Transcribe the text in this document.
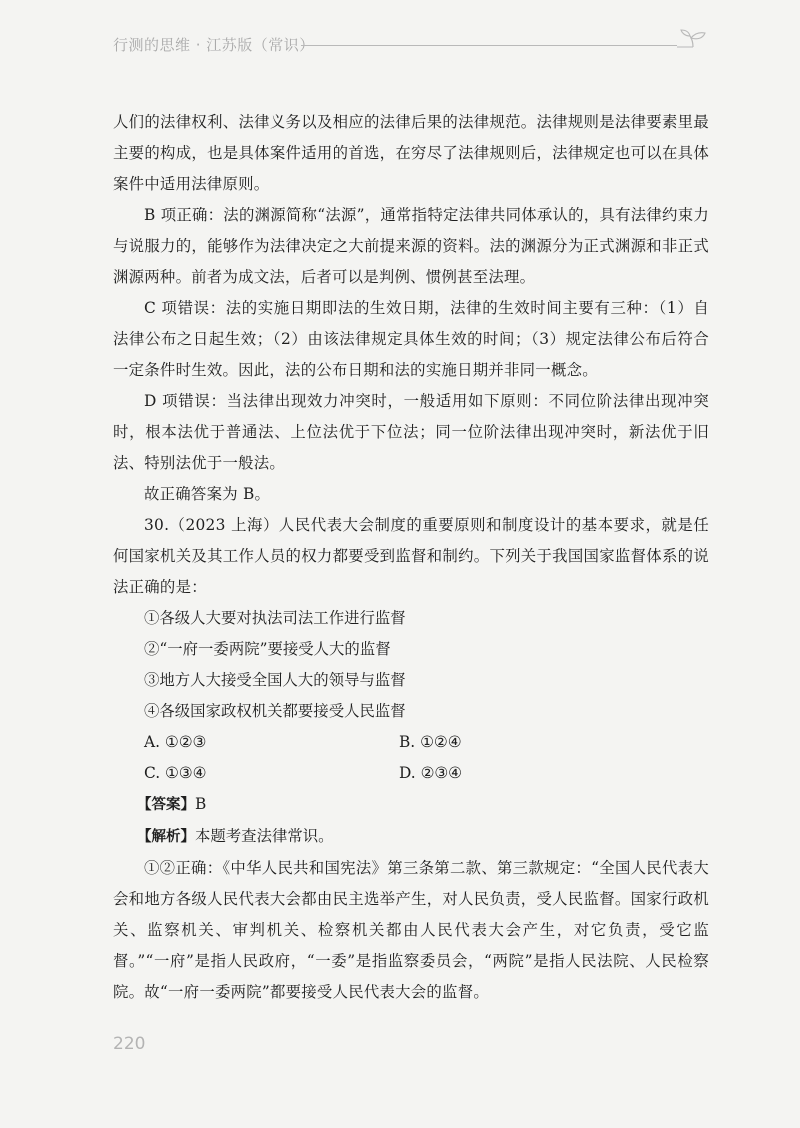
行测的思维 · 江苏版（常识）

人们的法律权利、法律义务以及相应的法律后果的法律规范。法律规则是法律要素里最主要的构成，也是具体案件适用的首选，在穷尽了法律规则后，法律规定也可以在具体案件中适用法律原则。

B 项正确：法的渊源简称“法源”，通常指特定法律共同体承认的，具有法律约束力与说服力的，能够作为法律决定之大前提来源的资料。法的渊源分为正式渊源和非正式渊源两种。前者为成文法，后者可以是判例、惯例甚至法理。

C 项错误：法的实施日期即法的生效日期，法律的生效时间主要有三种：（1）自法律公布之日起生效；（2）由该法律规定具体生效的时间；（3）规定法律公布后符合一定条件时生效。因此，法的公布日期和法的实施日期并非同一概念。

D 项错误：当法律出现效力冲突时，一般适用如下原则：不同位阶法律出现冲突时，根本法优于普通法、上位法优于下位法；同一位阶法律出现冲突时，新法优于旧法、特别法优于一般法。

故正确答案为 B。

30.（2023 上海）人民代表大会制度的重要原则和制度设计的基本要求，就是任何国家机关及其工作人员的权力都要受到监督和制约。下列关于我国国家监督体系的说法正确的是：

①各级人大要对执法司法工作进行监督

②“一府一委两院”要接受人大的监督

③地方人大接受全国人大的领导与监督

④各级国家政权机关都要接受人民监督

A. ①②③	B. ①②④
C. ①③④	D. ②③④

【答案】B

【解析】本题考查法律常识。

①②正确：《中华人民共和国宪法》第三条第二款、第三款规定：“全国人民代表大会和地方各级人民代表大会都由民主选举产生，对人民负责，受人民监督。国家行政机关、监察机关、审判机关、检察机关都由人民代表大会产生，对它负责，受它监督。”“一府”是指人民政府，“一委”是指监察委员会，“两院”是指人民法院、人民检察院。故“一府一委两院”都要接受人民代表大会的监督。

220
